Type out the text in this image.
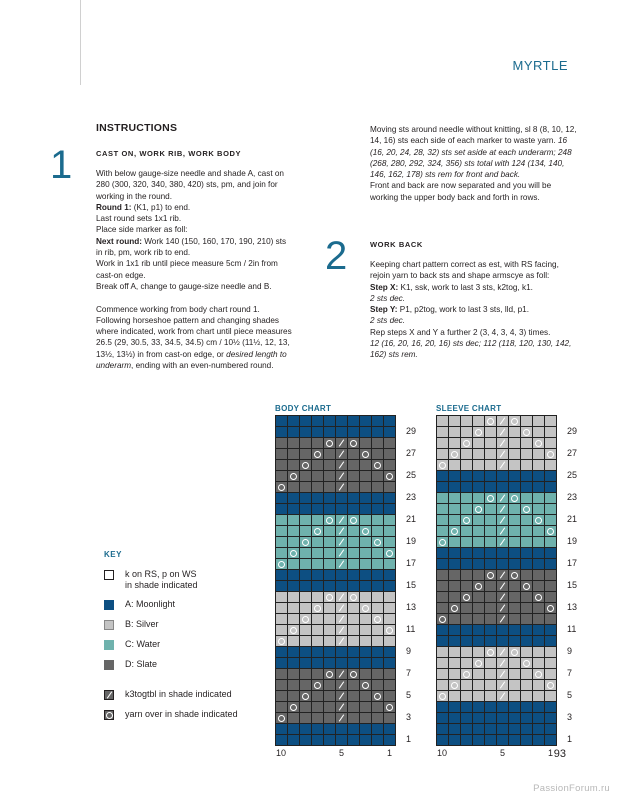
MYRTLE
INSTRUCTIONS
1	CAST ON, WORK RIB, WORK BODY

With below gauge-size needle and shade A, cast on 280 (300, 320, 340, 380, 420) sts, pm, and join for working in the round.

Round 1: (K1, p1) to end.

Last round sets 1x1 rib.

Place side marker as foll:

Next round: Work 140 (150, 160, 170, 190, 210) sts in rib, pm, work rib to end.

Work in 1x1 rib until piece measure 5cm / 2in from cast-on edge.

Break off A, change to gauge-size needle and B.

Commence working from body chart round 1. Following horseshoe pattern and changing shades where indicated, work from chart until piece measures 26.5 (29, 30.5, 33, 34.5, 34.5) cm / 10½ (11½, 12, 13, 13½, 13½) in from cast-on edge, or desired length to underarm, ending with an even-numbered round.

Moving sts around needle without knitting, sl 8 (8, 10, 12, 14, 16) sts each side of each marker to waste yarn. 16 (16, 20, 24, 28, 32) sts set aside at each underarm; 248 (268, 280, 292, 324, 356) sts total with 124 (134, 140, 146, 162, 178) sts rem for front and back.

Front and back are now separated and you will be working the upper body back and forth in rows.

2	WORK BACK

Keeping chart pattern correct as est, with RS facing, rejoin yarn to back sts and shape armscye as foll:

Step X: K1, ssk, work to last 3 sts, k2tog, k1.

2 sts dec.

Step Y: P1, p2tog, work to last 3 sts, lld, p1.

2 sts dec.

Rep steps X and Y a further 2 (3, 4, 3, 4, 3) times.

12 (16, 20, 16, 20, 16) sts dec; 112 (118, 120, 130, 142, 162) sts rem.

BODY CHART
29
27
25
23
21
19
17
15
13
11
9
7
5
3
1
10	5	1
SLEEVE CHART
29
27
25
23
21
19
17
15
13
11
9
7
5
3
1
10	5	1
KEY
k on RS, p on WS
in shade indicated
A: Moonlight
B: Silver
C: Water
D: Slate
k3togtbl in shade indicated
yarn over in shade indicated
93
PassionForum.ru
